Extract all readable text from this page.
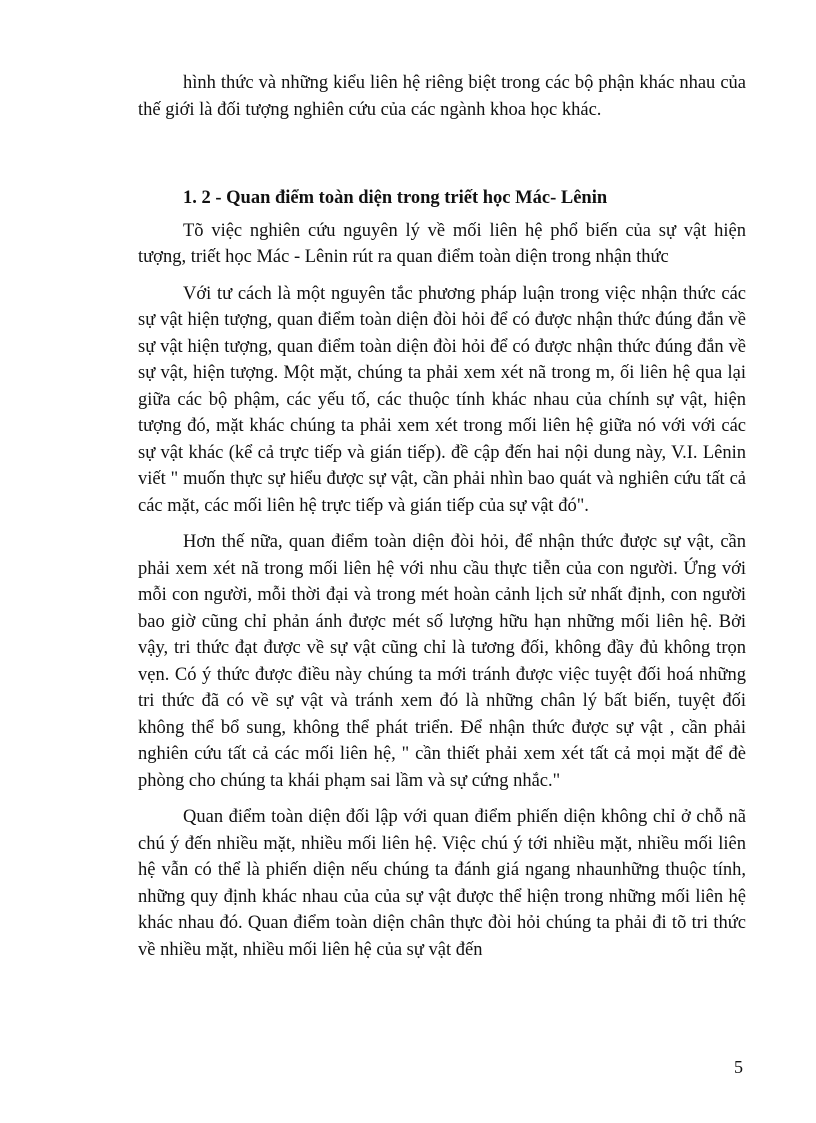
hình thức và những kiểu liên hệ riêng biệt trong các bộ phận khác nhau của thế giới là đối tượng nghiên cứu của các ngành khoa học khác.

1. 2 - Quan điểm toàn diện trong triết học Mác- Lênin

Tõ việc nghiên cứu nguyên lý về mối liên hệ phổ biến của sự vật hiện tượng, triết học Mác - Lênin rút ra quan điểm toàn diện trong nhận thức

Với tư cách là một nguyên tắc phương pháp luận trong việc nhận thức các sự vật hiện tượng, quan điểm toàn diện đòi hỏi để có được nhận thức đúng đắn về sự vật hiện tượng, quan điểm toàn diện đòi hỏi để có được nhận thức đúng đắn về sự vật, hiện tượng. Một mặt, chúng ta phải xem xét nã trong m, ối liên hệ qua lại giữa các bộ phậm, các yếu tố, các thuộc tính khác nhau của chính sự vật, hiện tượng đó, mặt khác chúng ta phải xem xét trong mối liên hệ giữa nó với với các sự vật khác (kể cả trực tiếp và gián tiếp). đề cập đến hai nội dung này, V.I. Lênin viết " muốn thực sự hiểu được sự vật, cần phải nhìn bao quát và nghiên cứu tất cả các mặt, các mối liên hệ trực tiếp và gián tiếp của sự vật đó".

Hơn thế nữa, quan điểm toàn diện đòi hỏi, để nhận thức được sự vật, cần phải xem xét nã trong mối liên hệ với nhu cầu thực tiễn của con người. Ứng với mỗi con người, mỗi thời đại và trong mét hoàn cảnh lịch sử nhất định, con người bao giờ cũng chỉ phản ánh được mét số lượng hữu hạn những mối liên hệ. Bởi vậy, tri thức đạt được về sự vật cũng chỉ là tương đối, không đầy đủ không trọn vẹn. Có ý thức được điều này chúng ta mới tránh được việc tuyệt đối hoá những tri thức đã có về sự vật và tránh xem đó là những chân lý bất biến, tuyệt đối không thể bổ sung, không thể phát triển. Để nhận thức được sự vật , cần phải nghiên cứu tất cả các mối liên hệ, " cần thiết phải xem xét tất cả mọi mặt để đè phòng cho chúng ta khái phạm sai lầm và sự cứng nhắc."

Quan điểm toàn diện đối lập với quan điểm phiến diện không chỉ ở chỗ nã chú ý đến nhiều mặt, nhiều mối liên hệ. Việc chú ý tới nhiều mặt, nhiều mối liên hệ vẫn có thể là phiến diện nếu chúng ta đánh giá ngang nhaunhững thuộc tính, những quy định khác nhau của của sự vật được thể hiện trong những mối liên hệ khác nhau đó. Quan điểm toàn diện chân thực đòi hỏi chúng ta phải đi tõ tri thức về nhiều mặt, nhiều mối liên hệ của sự vật đến

5
